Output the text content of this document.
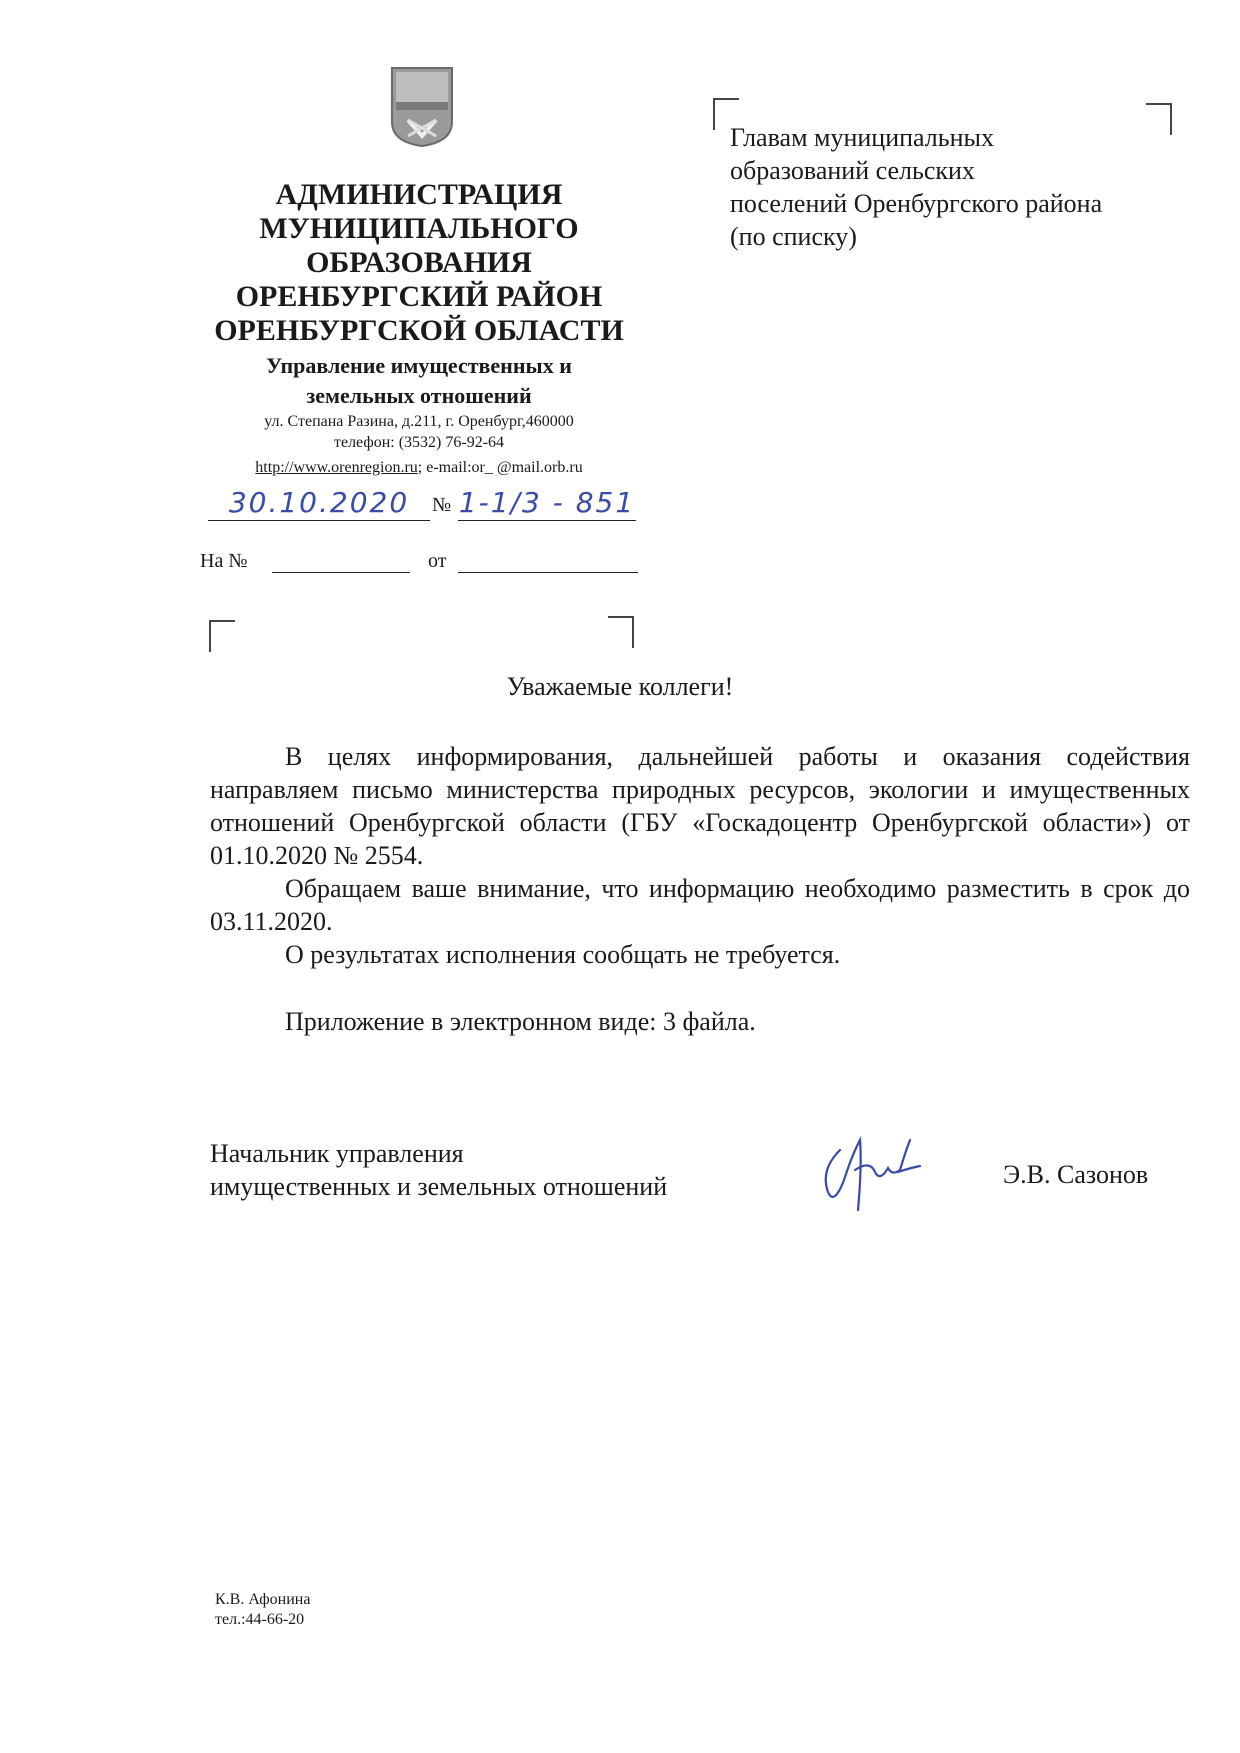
АДМИНИСТРАЦИЯ
МУНИЦИПАЛЬНОГО
ОБРАЗОВАНИЯ
ОРЕНБУРГСКИЙ РАЙОН
ОРЕНБУРГСКОЙ ОБЛАСТИ
Управление имущественных и
земельных отношений
ул. Степана Разина, д.211, г. Оренбург,460000
телефон: (3532) 76-92-64
http://www.orenregion.ru; e-mail:or_ @mail.orb.ru
30.10.2020	№ 1-1/3 - 851
На №	от
Главам муниципальных
образований сельских
поселений Оренбургского района
(по списку)
Уважаемые коллеги!
В целях информирования, дальнейшей работы и оказания содействия направляем письмо министерства природных ресурсов, экологии и имущественных отношений Оренбургской области (ГБУ «Госкадоцентр Оренбургской области») от 01.10.2020 № 2554.
Обращаем ваше внимание, что информацию необходимо разместить в срок до 03.11.2020.
О результатах исполнения сообщать не требуется.
Приложение в электронном виде: 3 файла.
Начальник управления
имущественных и земельных отношений	Э.В. Сазонов
К.В. Афонина
тел.:44-66-20
